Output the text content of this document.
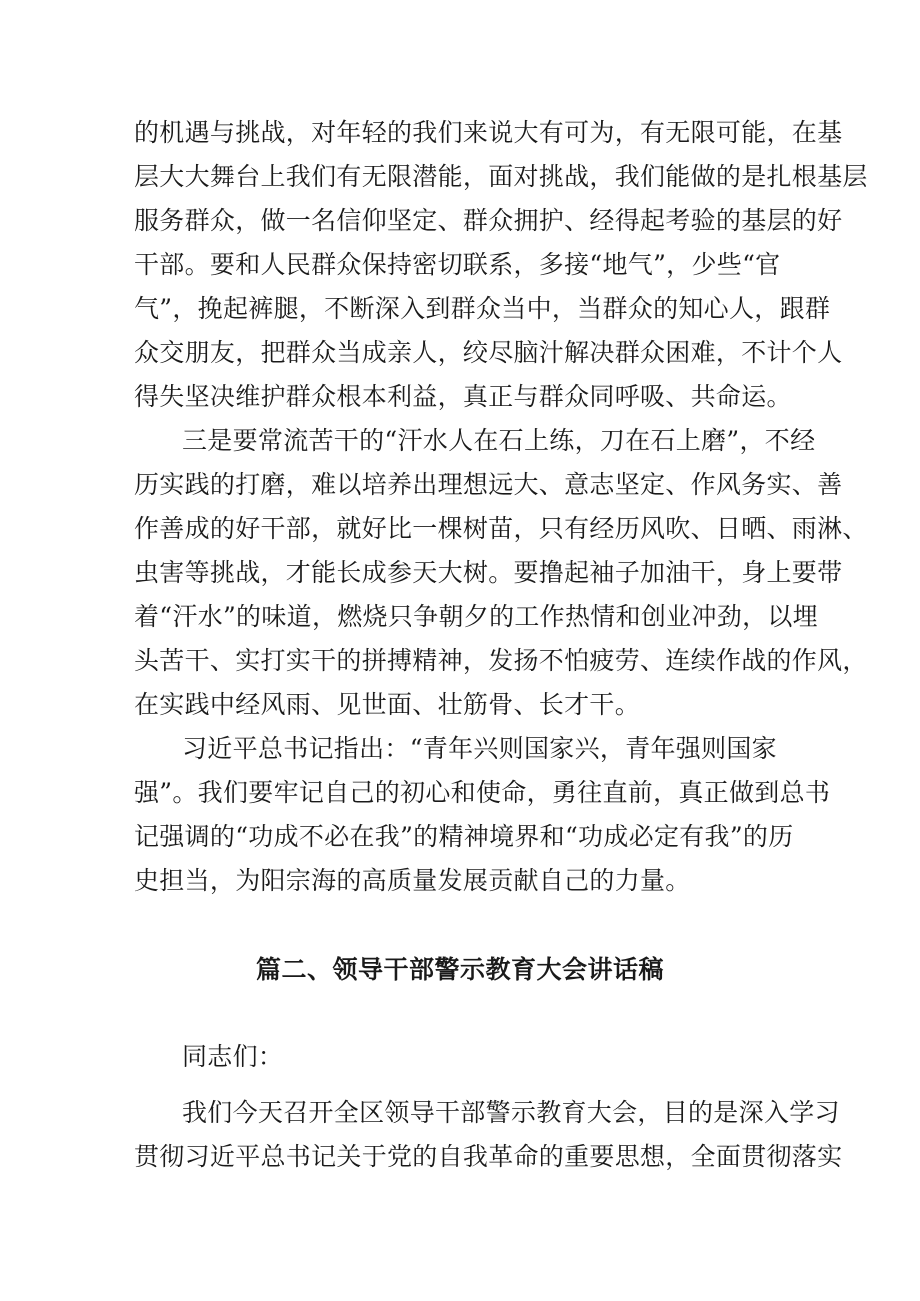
的机遇与挑战，对年轻的我们来说大有可为，有无限可能，在基
层大大舞台上我们有无限潜能，面对挑战，我们能做的是扎根基层
服务群众，做一名信仰坚定、群众拥护、经得起考验的基层的好
干部。要和人民群众保持密切联系，多接“地气”，少些“官
气”，挽起裤腿，不断深入到群众当中，当群众的知心人，跟群
众交朋友，把群众当成亲人，绞尽脑汁解决群众困难，不计个人
得失坚决维护群众根本利益，真正与群众同呼吸、共命运。
三是要常流苦干的“汗水人在石上练，刀在石上磨”，不经
历实践的打磨，难以培养出理想远大、意志坚定、作风务实、善
作善成的好干部，就好比一棵树苗，只有经历风吹、日晒、雨淋、
虫害等挑战，才能长成参天大树。要撸起袖子加油干，身上要带
着“汗水”的味道，燃烧只争朝夕的工作热情和创业冲劲，以埋
头苦干、实打实干的拼搏精神，发扬不怕疲劳、连续作战的作风，
在实践中经风雨、见世面、壮筋骨、长才干。
习近平总书记指出：“青年兴则国家兴，青年强则国家
强”。我们要牢记自己的初心和使命，勇往直前，真正做到总书
记强调的“功成不必在我”的精神境界和“功成必定有我”的历
史担当，为阳宗海的高质量发展贡献自己的力量。
篇二、领导干部警示教育大会讲话稿
同志们：
我们今天召开全区领导干部警示教育大会，目的是深入学习
贯彻习近平总书记关于党的自我革命的重要思想，全面贯彻落实
